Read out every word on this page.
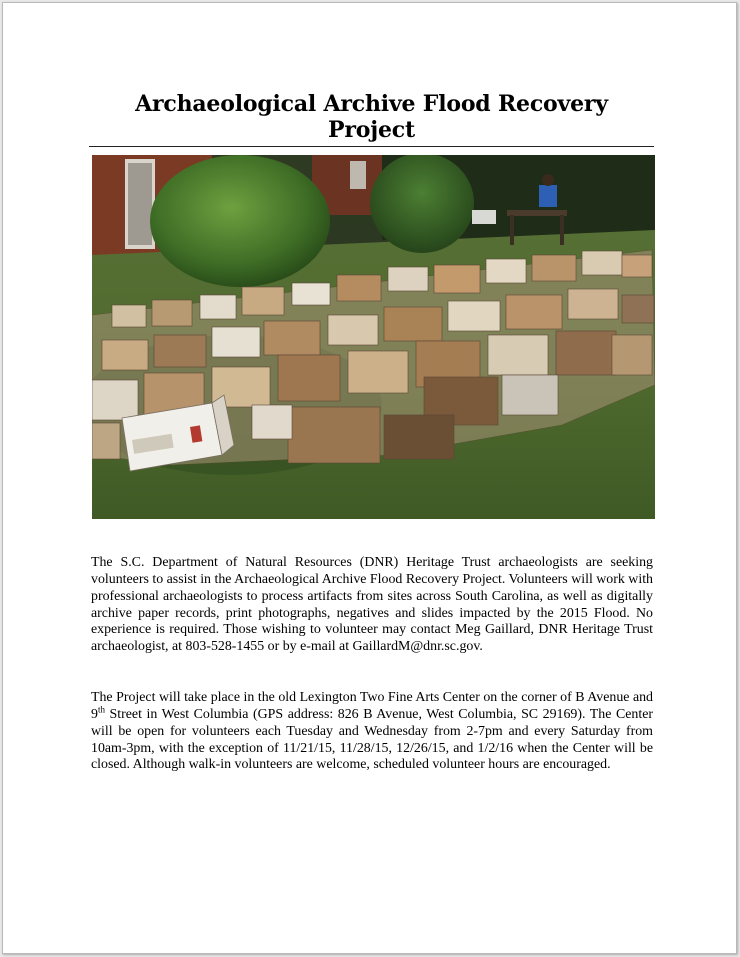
Archaeological Archive Flood Recovery Project

The S.C. Department of Natural Resources (DNR) Heritage Trust archaeologists are seeking volunteers to assist in the Archaeological Archive Flood Recovery Project. Volunteers will work with professional archaeologists to process artifacts from sites across South Carolina, as well as digitally archive paper records, print photographs, negatives and slides impacted by the 2015 Flood. No experience is required. Those wishing to volunteer may contact Meg Gaillard, DNR Heritage Trust archaeologist, at 803-528-1455 or by e-mail at GaillardM@dnr.sc.gov.

The Project will take place in the old Lexington Two Fine Arts Center on the corner of B Avenue and 9th Street in West Columbia (GPS address: 826 B Avenue, West Columbia, SC 29169). The Center will be open for volunteers each Tuesday and Wednesday from 2-7pm and every Saturday from 10am-3pm, with the exception of 11/21/15, 11/28/15, 12/26/15, and 1/2/16 when the Center will be closed. Although walk-in volunteers are welcome, scheduled volunteer hours are encouraged.
